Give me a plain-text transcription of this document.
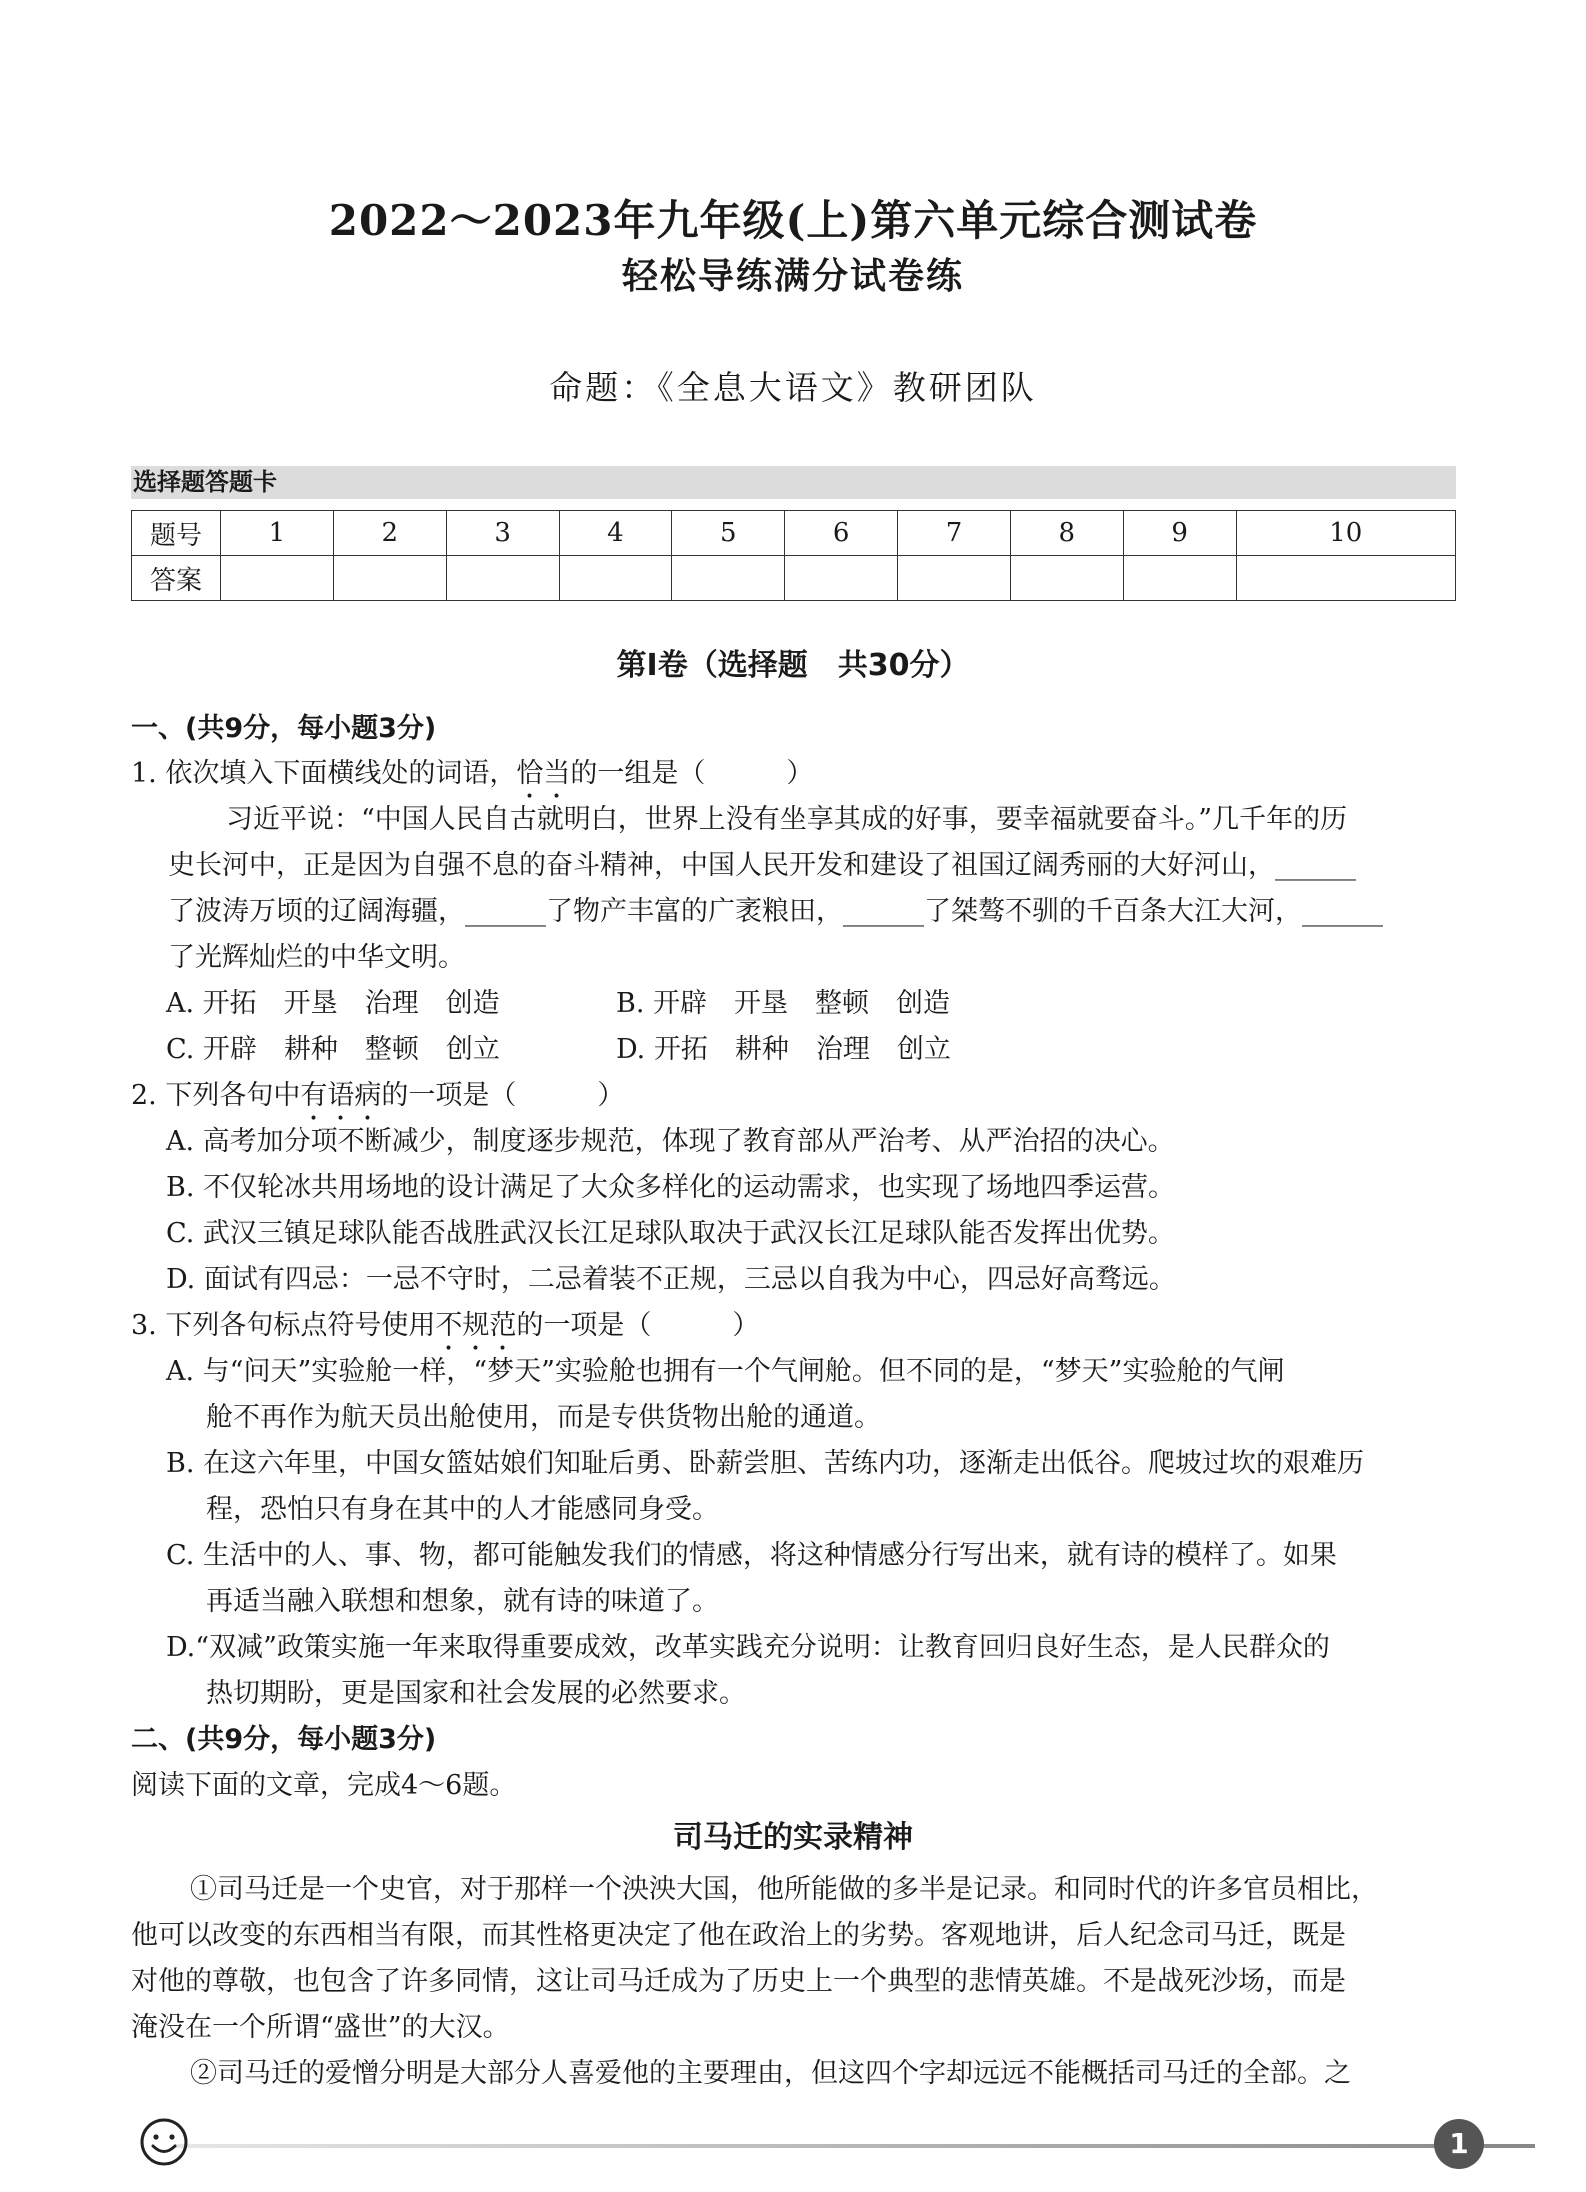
2022～2023年九年级(上)第六单元综合测试卷
轻松导练满分试卷练
命题：《全息大语文》教研团队
选择题答题卡
题号	1	2	3	4	5	6	7	8	9	10
答案										
第Ⅰ卷（选择题　共30分）
一、(共9分，每小题3分)
1. 依次填入下面横线处的词语，恰当的一组是（　　　）
习近平说：“中国人民自古就明白，世界上没有坐享其成的好事，要幸福就要奋斗。”几千年的历
史长河中，正是因为自强不息的奋斗精神，中国人民开发和建设了祖国辽阔秀丽的大好河山，______
了波涛万顷的辽阔海疆，______了物产丰富的广袤粮田，______了桀骜不驯的千百条大江大河，______
了光辉灿烂的中华文明。
A. 开拓　开垦　治理　创造	B. 开辟　开垦　整顿　创造
C. 开辟　耕种　整顿　创立	D. 开拓　耕种　治理　创立
2. 下列各句中有语病的一项是（　　　）
A. 高考加分项不断减少，制度逐步规范，体现了教育部从严治考、从严治招的决心。
B. 不仅轮冰共用场地的设计满足了大众多样化的运动需求，也实现了场地四季运营。
C. 武汉三镇足球队能否战胜武汉长江足球队取决于武汉长江足球队能否发挥出优势。
D. 面试有四忌：一忌不守时，二忌着装不正规，三忌以自我为中心，四忌好高骛远。
3. 下列各句标点符号使用不规范的一项是（　　　）
A. 与“问天”实验舱一样，“梦天”实验舱也拥有一个气闸舱。但不同的是，“梦天”实验舱的气闸
舱不再作为航天员出舱使用，而是专供货物出舱的通道。
B. 在这六年里，中国女篮姑娘们知耻后勇、卧薪尝胆、苦练内功，逐渐走出低谷。爬坡过坎的艰难历
程，恐怕只有身在其中的人才能感同身受。
C. 生活中的人、事、物，都可能触发我们的情感，将这种情感分行写出来，就有诗的模样了。如果
再适当融入联想和想象，就有诗的味道了。
D.“双减”政策实施一年来取得重要成效，改革实践充分说明：让教育回归良好生态，是人民群众的
热切期盼，更是国家和社会发展的必然要求。
二、(共9分，每小题3分)
阅读下面的文章，完成4～6题。
司马迁的实录精神
①司马迁是一个史官，对于那样一个泱泱大国，他所能做的多半是记录。和同时代的许多官员相比，
他可以改变的东西相当有限，而其性格更决定了他在政治上的劣势。客观地讲，后人纪念司马迁，既是
对他的尊敬，也包含了许多同情，这让司马迁成为了历史上一个典型的悲情英雄。不是战死沙场，而是
淹没在一个所谓“盛世”的大汉。
②司马迁的爱憎分明是大部分人喜爱他的主要理由，但这四个字却远远不能概括司马迁的全部。之
1
